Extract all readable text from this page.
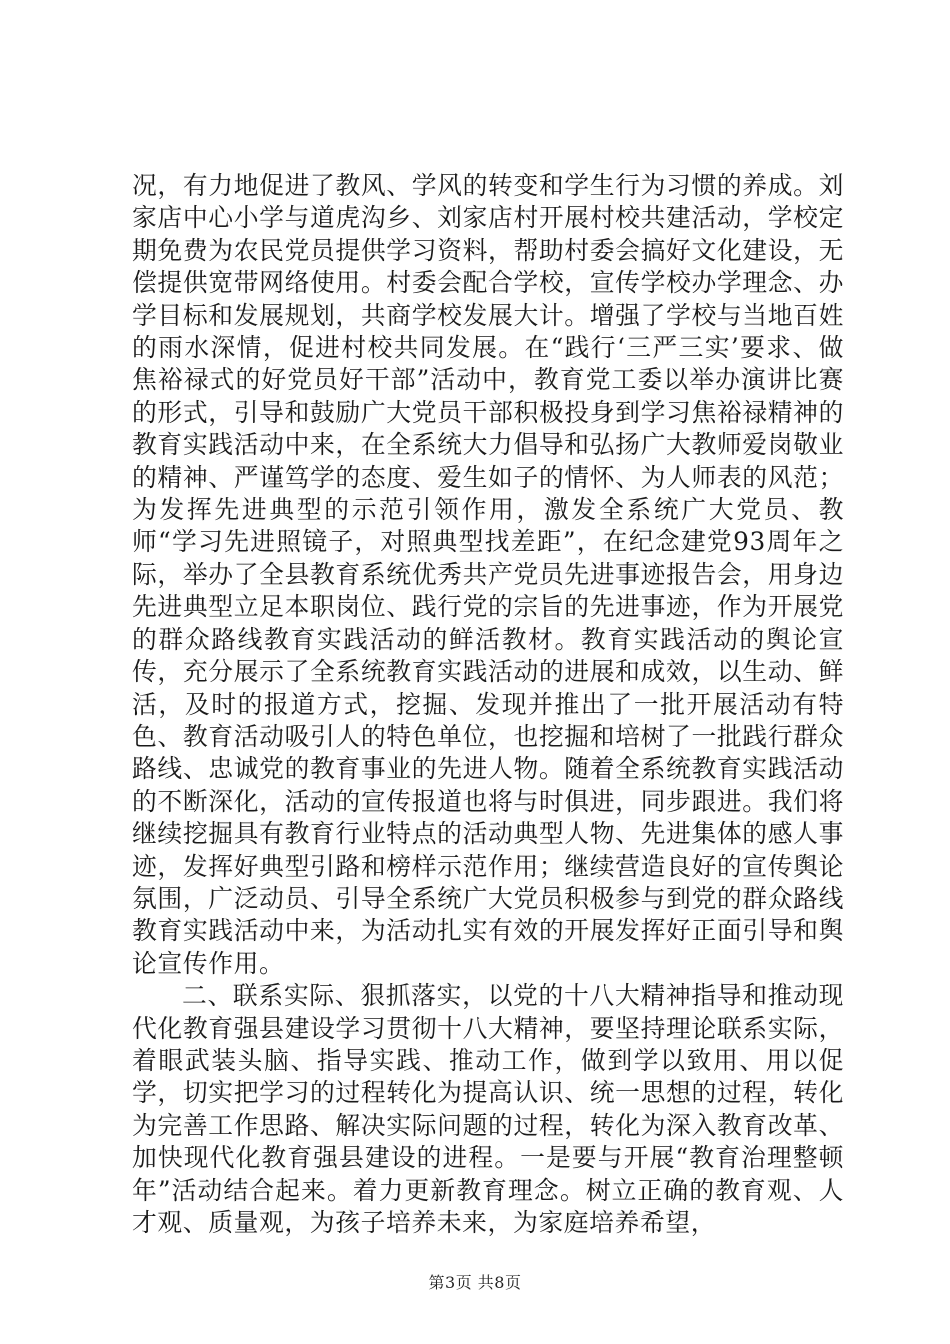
况，有力地促进了教风、学风的转变和学生行为习惯的养成。刘家店中心小学与道虎沟乡、刘家店村开展村校共建活动，学校定期免费为农民党员提供学习资料，帮助村委会搞好文化建设，无偿提供宽带网络使用。村委会配合学校，宣传学校办学理念、办学目标和发展规划，共商学校发展大计。增强了学校与当地百姓的雨水深情，促进村校共同发展。在“践行‘三严三实’要求、做焦裕禄式的好党员好干部”活动中，教育党工委以举办演讲比赛的形式，引导和鼓励广大党员干部积极投身到学习焦裕禄精神的教育实践活动中来，在全系统大力倡导和弘扬广大教师爱岗敬业的精神、严谨笃学的态度、爱生如子的情怀、为人师表的风范；为发挥先进典型的示范引领作用，激发全系统广大党员、教师“学习先进照镜子，对照典型找差距”，在纪念建党93周年之际，举办了全县教育系统优秀共产党员先进事迹报告会，用身边先进典型立足本职岗位、践行党的宗旨的先进事迹，作为开展党的群众路线教育实践活动的鲜活教材。教育实践活动的舆论宣传，充分展示了全系统教育实践活动的进展和成效，以生动、鲜活，及时的报道方式，挖掘、发现并推出了一批开展活动有特色、教育活动吸引人的特色单位，也挖掘和培树了一批践行群众路线、忠诚党的教育事业的先进人物。随着全系统教育实践活动的不断深化，活动的宣传报道也将与时俱进，同步跟进。我们将继续挖掘具有教育行业特点的活动典型人物、先进集体的感人事迹，发挥好典型引路和榜样示范作用；继续营造良好的宣传舆论氛围，广泛动员、引导全系统广大党员积极参与到党的群众路线教育实践活动中来，为活动扎实有效的开展发挥好正面引导和舆论宣传作用。

二、联系实际、狠抓落实，以党的十八大精神指导和推动现代化教育强县建设学习贯彻十八大精神，要坚持理论联系实际，着眼武装头脑、指导实践、推动工作，做到学以致用、用以促学，切实把学习的过程转化为提高认识、统一思想的过程，转化为完善工作思路、解决实际问题的过程，转化为深入教育改革、加快现代化教育强县建设的进程。一是要与开展“教育治理整顿年”活动结合起来。着力更新教育理念。树立正确的教育观、人才观、质量观，为孩子培养未来，为家庭培养希望，

第3页 共8页
